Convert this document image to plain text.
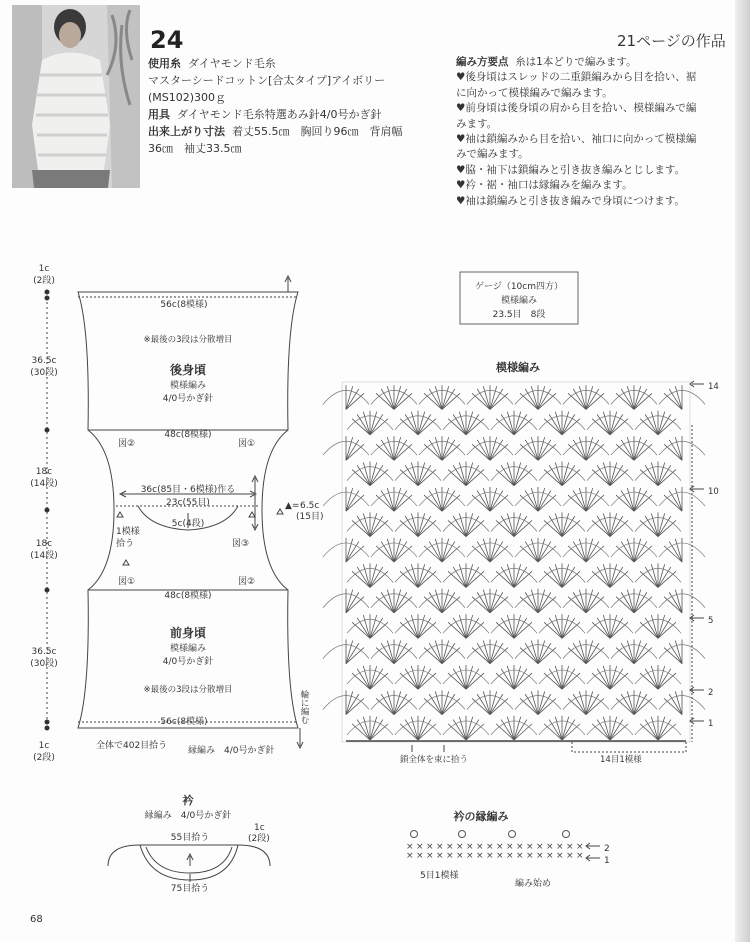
24	21ページの作品
使用糸 ダイヤモンド毛糸
マスターシードコットン[合太タイプ]アイボリー
(MS102)300ｇ
用具 ダイヤモンド毛糸特選あみ針4/0号かぎ針
出来上がり寸法 着丈55.5㎝　胸回り96㎝　背肩幅
36㎝　袖丈33.5㎝
編み方要点 糸は1本どりで編みます。
♥後身頃はスレッドの二重鎖編みから目を拾い、裾
に向かって模様編みで編みます。
♥前身頃は後身頃の肩から目を拾い、模様編みで編
みます。
♥袖は鎖編みから目を拾い、袖口に向かって模様編
みで編みます。
♥脇・袖下は鎖編みと引き抜き編みとじします。
♥衿・裾・袖口は縁編みを編みます。
♥袖は鎖編みと引き抜き編みで身頃につけます。
56c(8模様)
※最後の3段は分散増目
後身頃
模様編み
4/0号かぎ針
48c(8模様)
図②	図①
36c(85目・6模様)作る
23c(55目)
5c(4段)
6.5c
(15目)
▲=
1模様
拾う	図③
図①	図②
48c(8模様)
前身頃
模様編み
4/0号かぎ針
※最後の3段は分散増目
56c(8模様)
全体で402目拾う 縁編み　4/0号かぎ針
輪に編む
1c
(2段)
36.5c
(30段)
18c
(14段)
18c
(14段)
36.5c
(30段)
1c
(2段)
ゲージ（10cm四方）
模様編み
23.5目　8段
模様編み
14
10
5
2
1
鎖全体を束に拾う	14目1模様
衿
縁編み　4/0号かぎ針
55目拾う
75目拾う
1c
(2段)
衿の縁編み
2
1
5目1模様
編み始め
× × × × × × × × × × × × × × × × × ×
× × × × × × × × × × × × × × × × × ×
68
